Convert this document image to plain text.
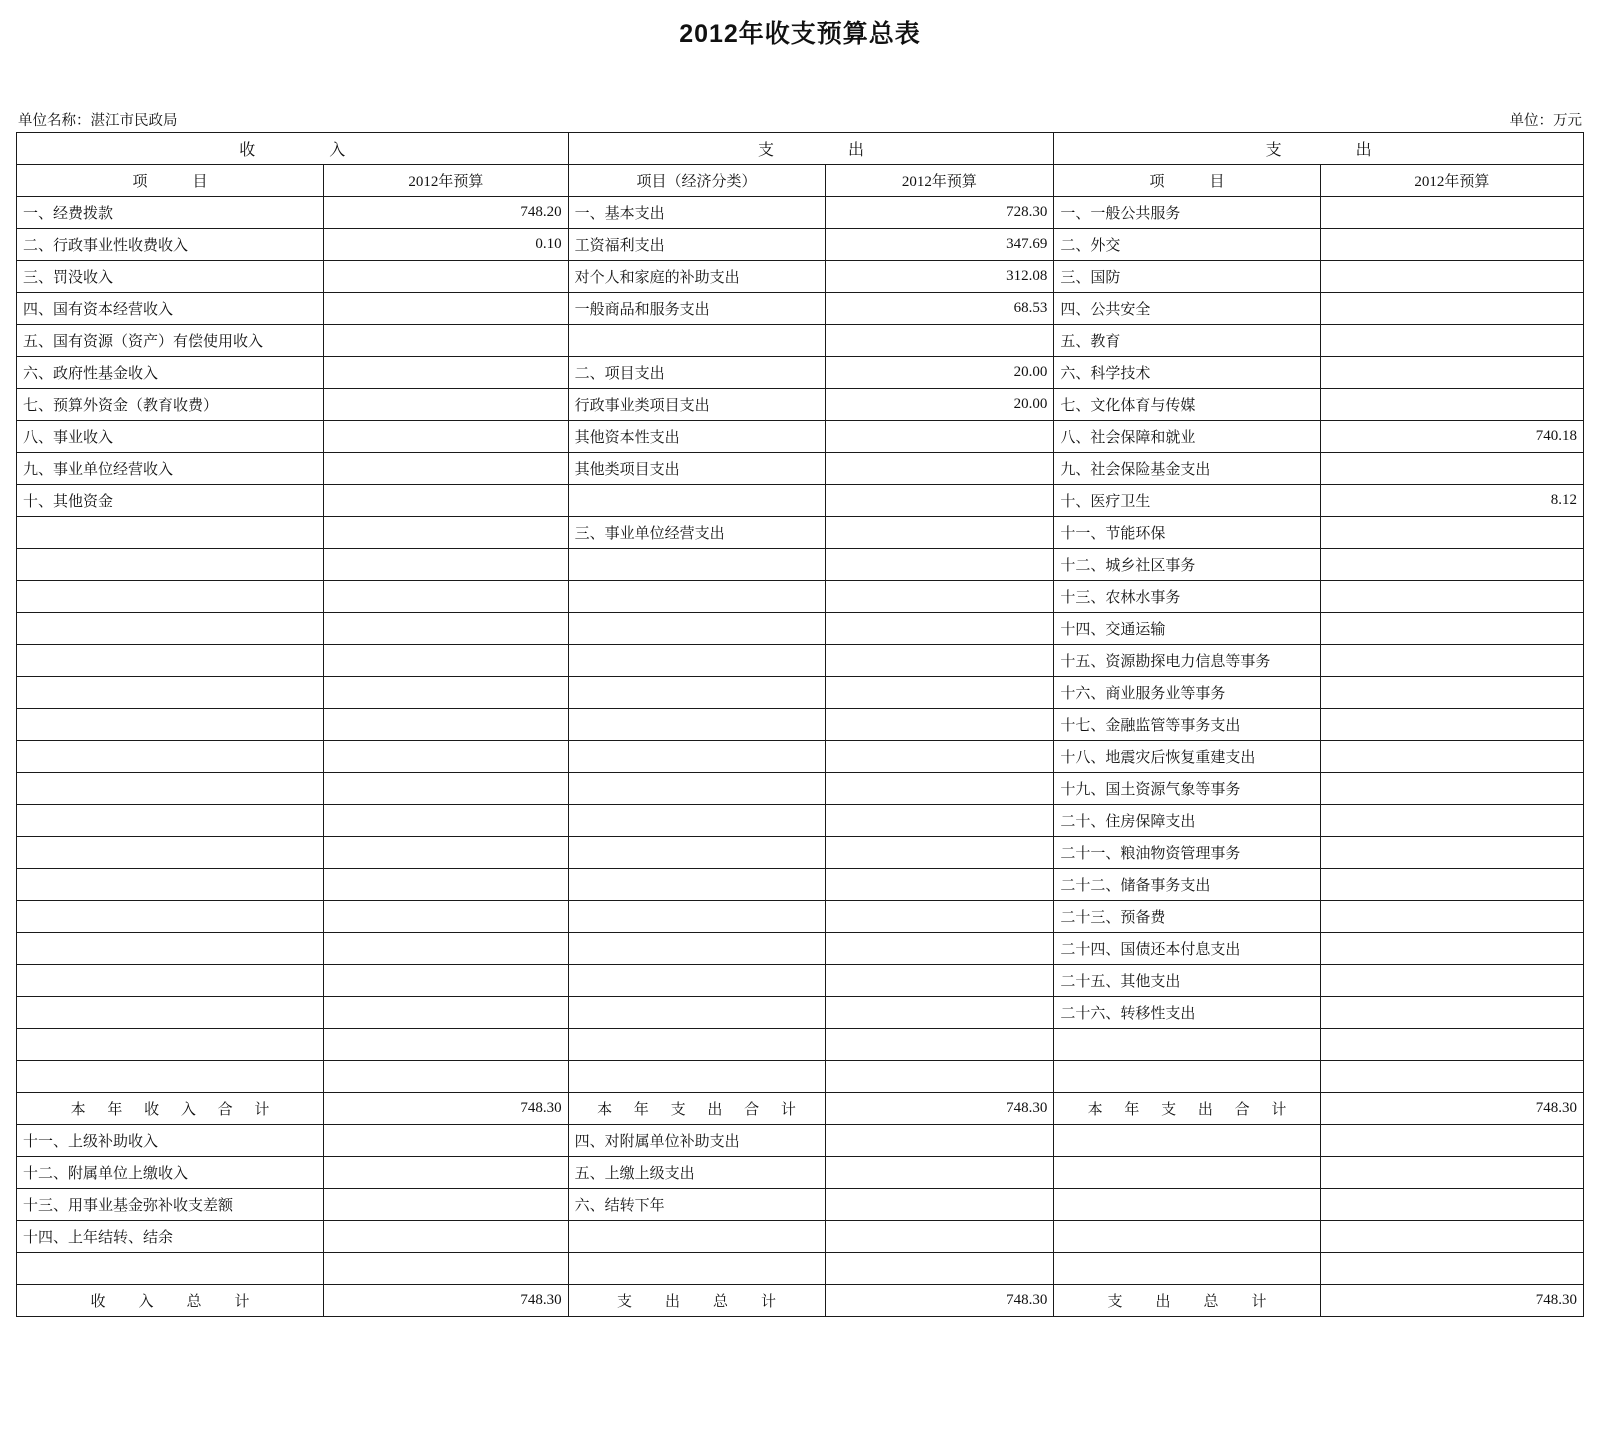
2012年收支预算总表
单位名称：湛江市民政局	单位：万元
收　　入		支　　出		支　　出	
项　　　目	2012年预算	项目（经济分类）	2012年预算	项　　　目	2012年预算
一、经费拨款	748.20	一、基本支出	728.30	一、一般公共服务	
二、行政事业性收费收入	0.10	工资福利支出	347.69	二、外交	
三、罚没收入		对个人和家庭的补助支出	312.08	三、国防	
四、国有资本经营收入		一般商品和服务支出	68.53	四、公共安全	
五、国有资源（资产）有偿使用收入				五、教育	
六、政府性基金收入		二、项目支出	20.00	六、科学技术	
七、预算外资金（教育收费）		行政事业类项目支出	20.00	七、文化体育与传媒	
八、事业收入		其他资本性支出		八、社会保障和就业	740.18
九、事业单位经营收入		其他类项目支出		九、社会保险基金支出	
十、其他资金				十、医疗卫生	8.12
		三、事业单位经营支出		十一、节能环保	
				十二、城乡社区事务	
				十三、农林水事务	
				十四、交通运输	
				十五、资源勘探电力信息等事务	
				十六、商业服务业等事务	
				十七、金融监管等事务支出	
				十八、地震灾后恢复重建支出	
				十九、国土资源气象等事务	
				二十、住房保障支出	
				二十一、粮油物资管理事务	
				二十二、储备事务支出	
				二十三、预备费	
				二十四、国债还本付息支出	
				二十五、其他支出	
				二十六、转移性支出	

本 年 收 入 合 计	748.30	本 年 支 出 合 计	748.30	本 年 支 出 合 计	748.30
十一、上级补助收入		四、对附属单位补助支出			
十二、附属单位上缴收入		五、上缴上级支出			
十三、用事业基金弥补收支差额		六、结转下年			
十四、上年结转、结余					

收　入　总　计	748.30	支　出　总　计	748.30	支　出　总　计	748.30
